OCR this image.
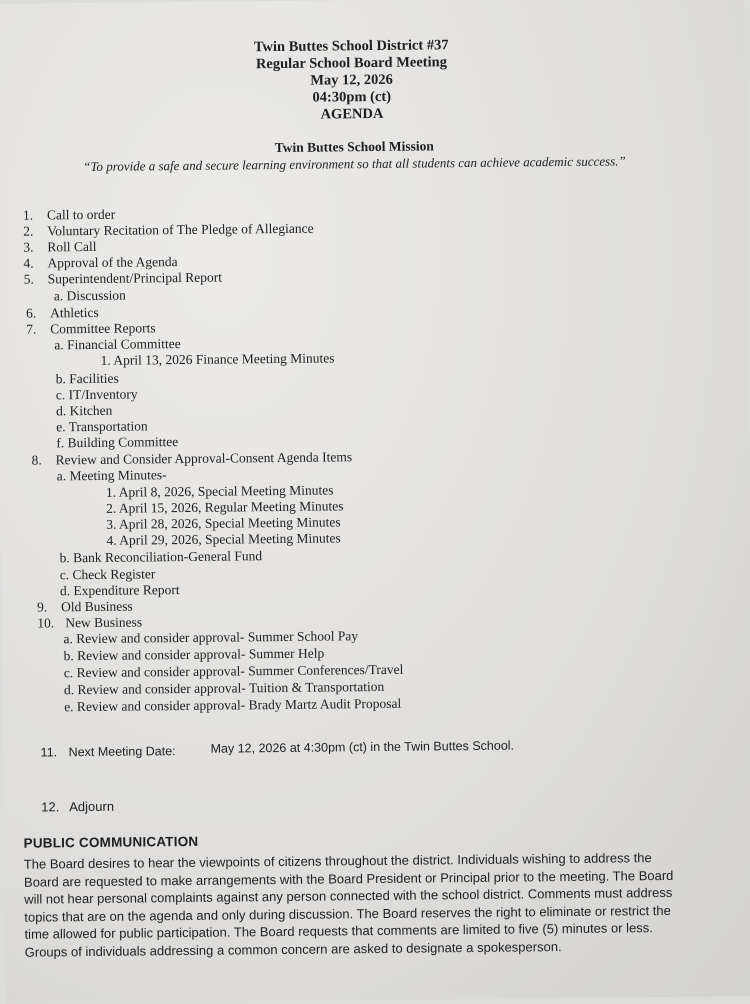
Twin Buttes School District #37
Regular School Board Meeting
May 12, 2026
04:30pm (ct)
AGENDA
Twin Buttes School Mission
“To provide a safe and secure learning environment so that all students can achieve academic success.”
1. Call to order
2. Voluntary Recitation of The Pledge of Allegiance
3. Roll Call
4. Approval of the Agenda
5. Superintendent/Principal Report
a. Discussion
6. Athletics
7. Committee Reports
a. Financial Committee
1. April 13, 2026 Finance Meeting Minutes
b. Facilities
c. IT/Inventory
d. Kitchen
e. Transportation
f. Building Committee
8. Review and Consider Approval-Consent Agenda Items
a. Meeting Minutes-
1. April 8, 2026, Special Meeting Minutes
2. April 15, 2026, Regular Meeting Minutes
3. April 28, 2026, Special Meeting Minutes
4. April 29, 2026, Special Meeting Minutes
b. Bank Reconciliation-General Fund
c. Check Register
d. Expenditure Report
9. Old Business
10. New Business
a. Review and consider approval- Summer School Pay
b. Review and consider approval- Summer Help
c. Review and consider approval- Summer Conferences/Travel
d. Review and consider approval- Tuition & Transportation
e. Review and consider approval- Brady Martz Audit Proposal
11. Next Meeting Date:	May 12, 2026 at 4:30pm (ct) in the Twin Buttes School.
12. Adjourn
PUBLIC COMMUNICATION
The Board desires to hear the viewpoints of citizens throughout the district. Individuals wishing to address the
Board are requested to make arrangements with the Board President or Principal prior to the meeting. The Board
will not hear personal complaints against any person connected with the school district. Comments must address
topics that are on the agenda and only during discussion. The Board reserves the right to eliminate or restrict the
time allowed for public participation. The Board requests that comments are limited to five (5) minutes or less.
Groups of individuals addressing a common concern are asked to designate a spokesperson.
